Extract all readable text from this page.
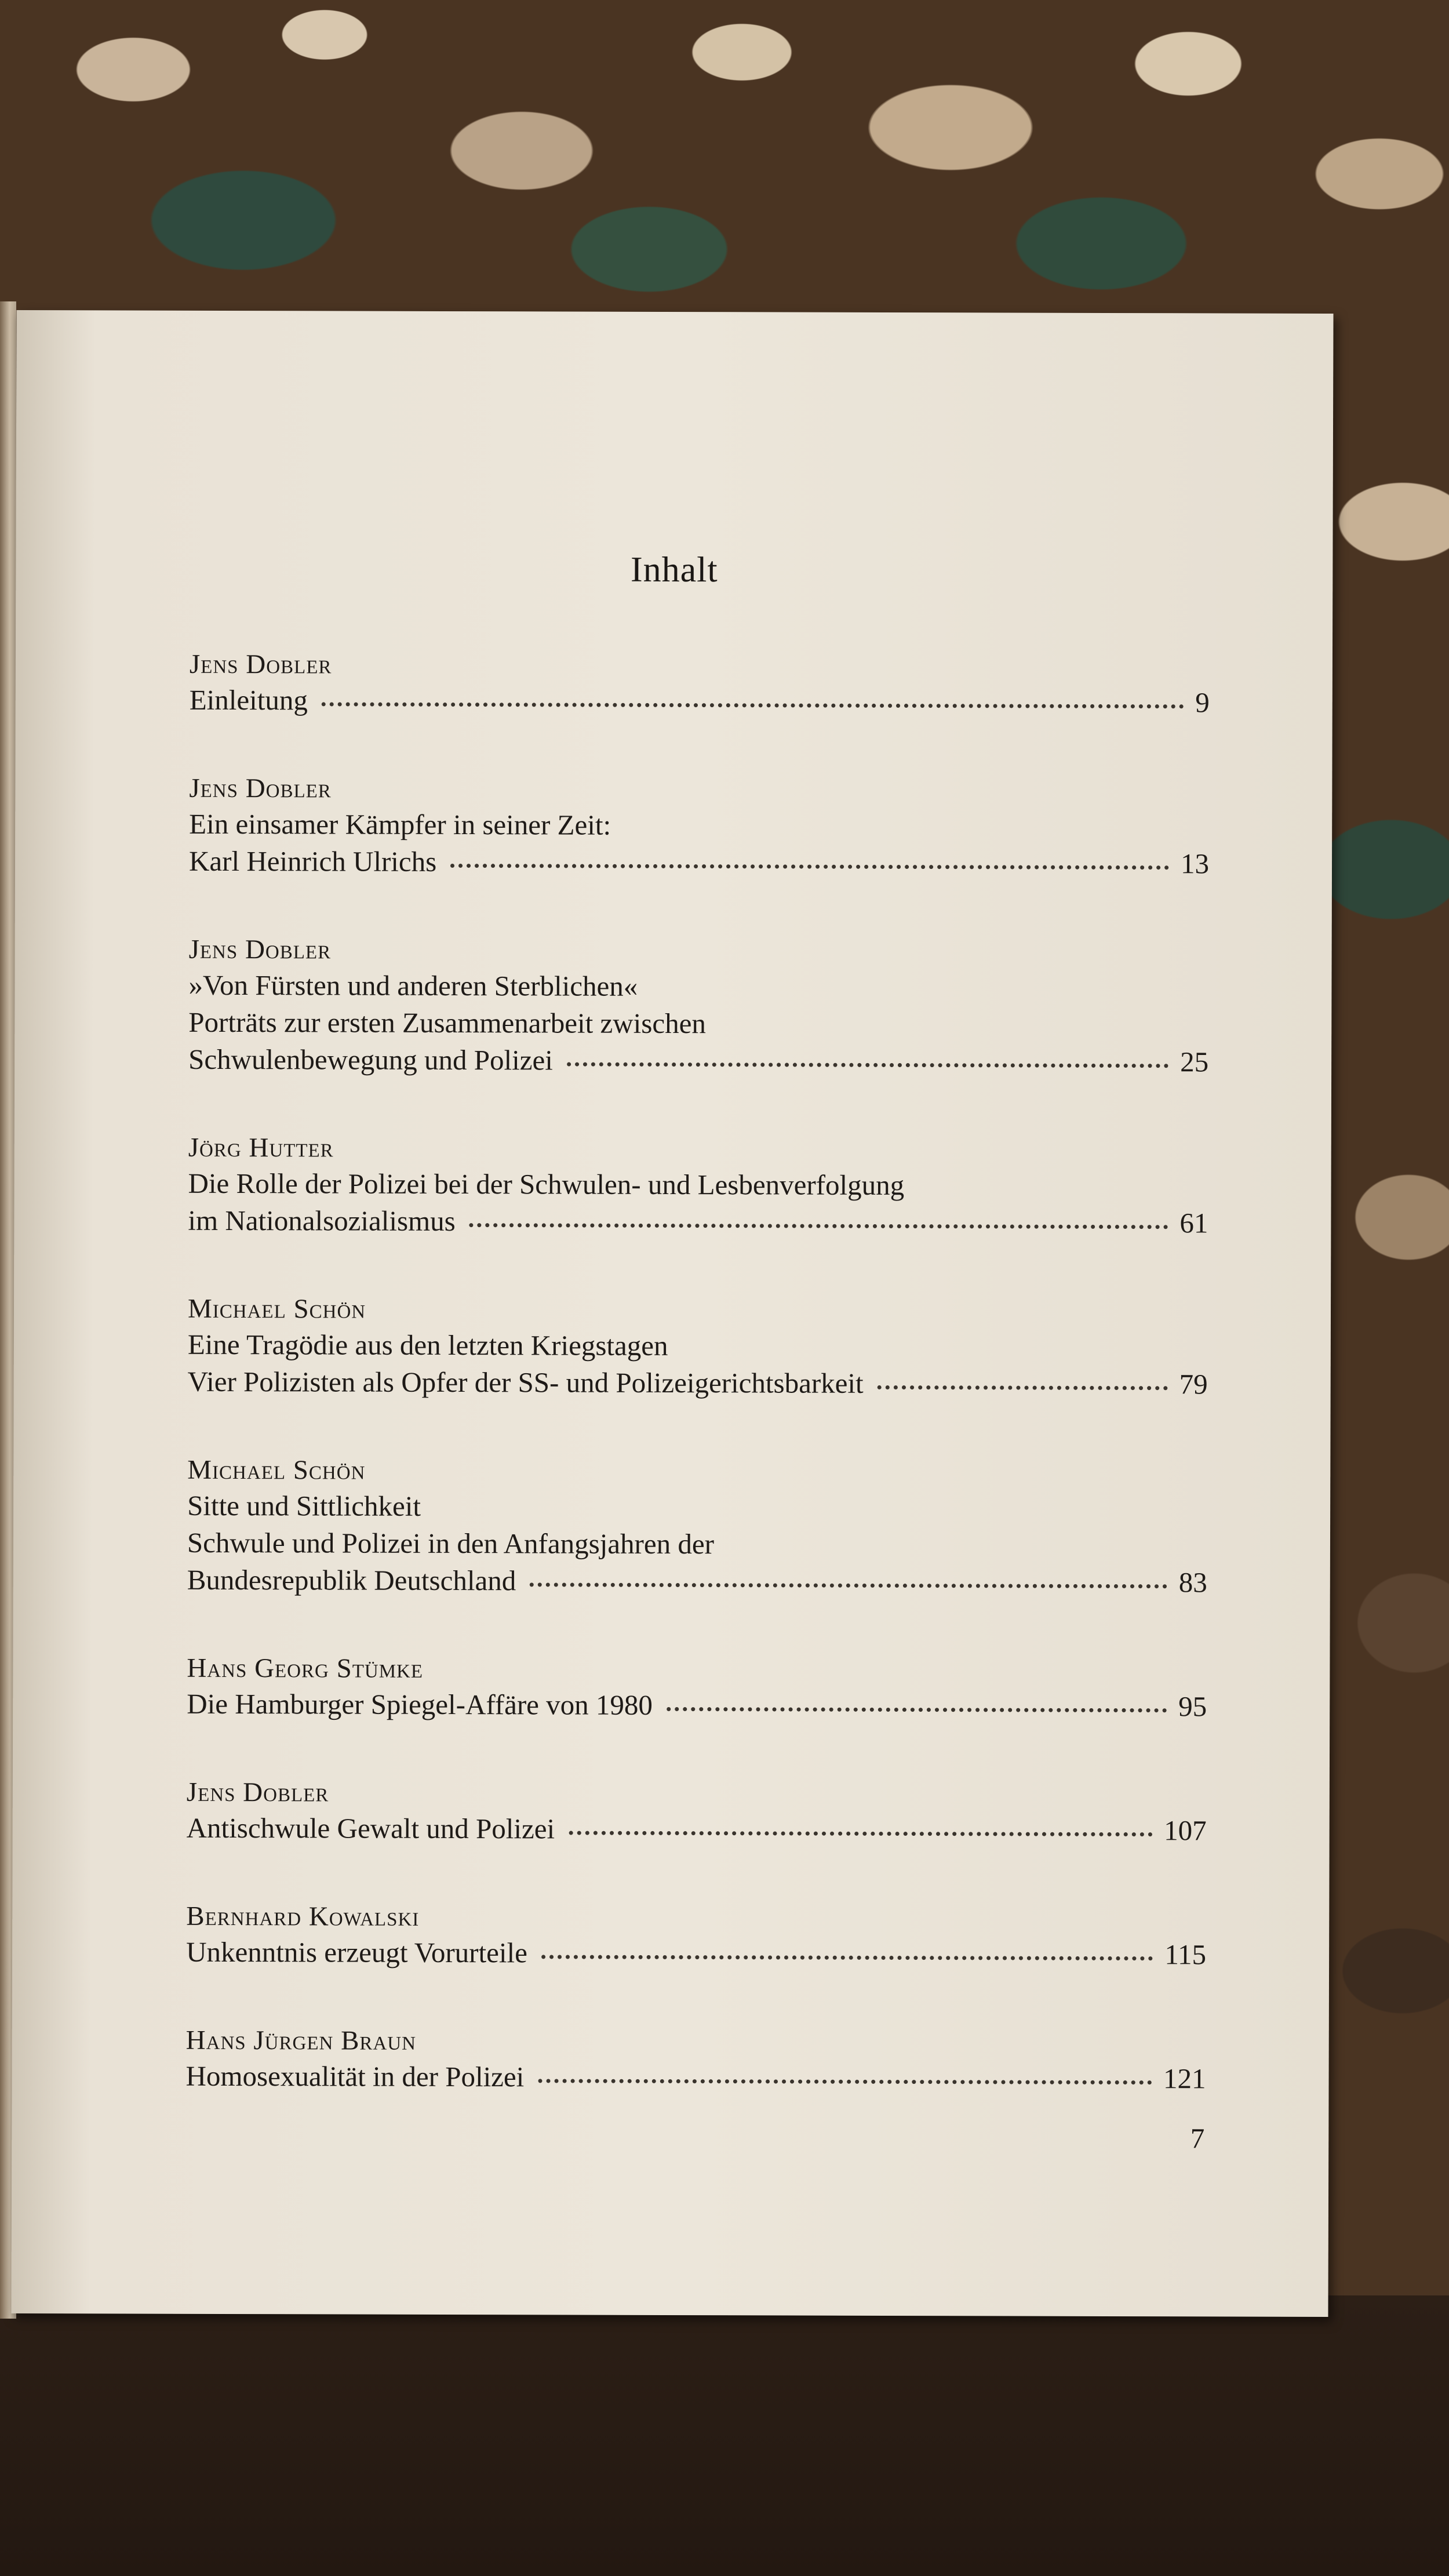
Inhalt
Jens Dobler
Einleitung	9
Jens Dobler
Ein einsamer Kämpfer in seiner Zeit:
Karl Heinrich Ulrichs	13
Jens Dobler
»Von Fürsten und anderen Sterblichen«
Porträts zur ersten Zusammenarbeit zwischen
Schwulenbewegung und Polizei	25
Jörg Hutter
Die Rolle der Polizei bei der Schwulen- und Lesbenverfolgung
im Nationalsozialismus	61
Michael Schön
Eine Tragödie aus den letzten Kriegstagen
Vier Polizisten als Opfer der SS- und Polizeigerichtsbarkeit	79
Michael Schön
Sitte und Sittlichkeit
Schwule und Polizei in den Anfangsjahren der
Bundesrepublik Deutschland	83
Hans Georg Stümke
Die Hamburger Spiegel-Affäre von 1980	95
Jens Dobler
Antischwule Gewalt und Polizei	107
Bernhard Kowalski
Unkenntnis erzeugt Vorurteile	115
Hans Jürgen Braun
Homosexualität in der Polizei	121
7
